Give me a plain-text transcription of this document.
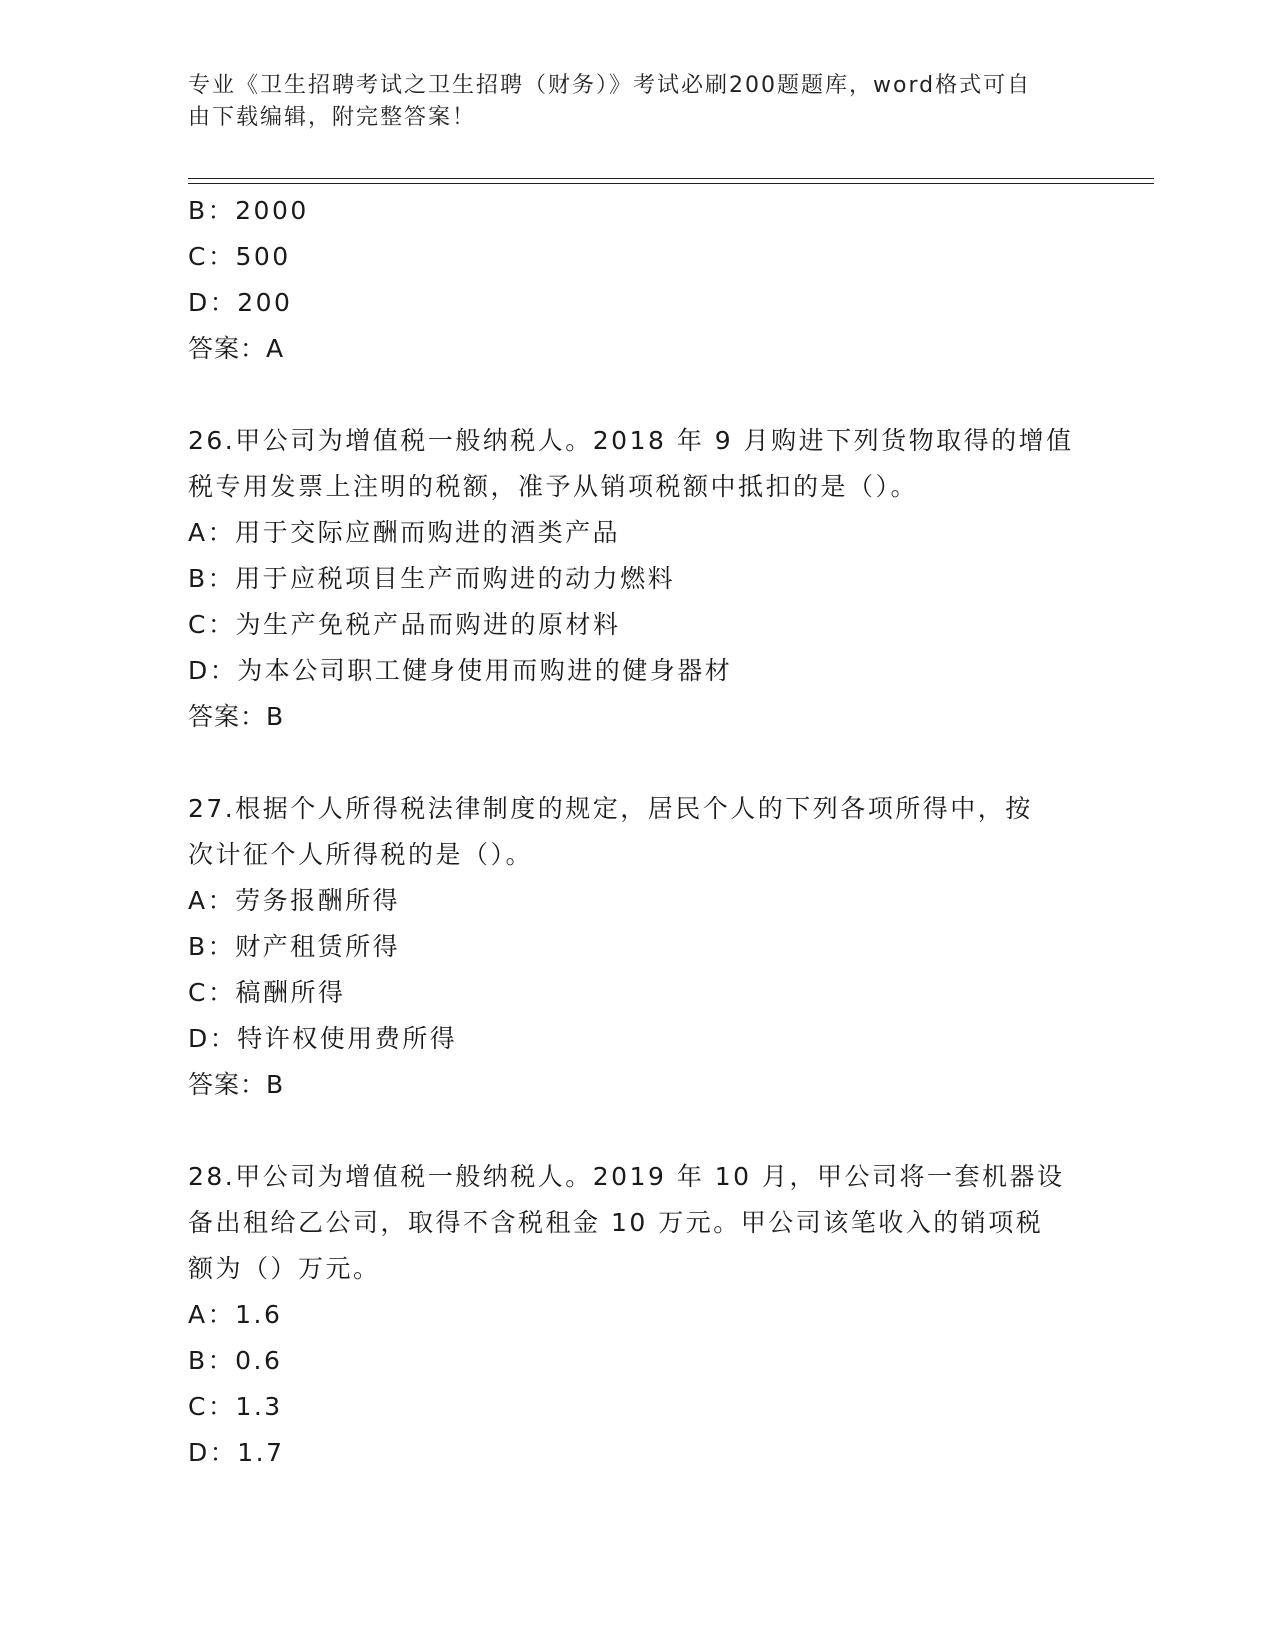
专业《卫生招聘考试之卫生招聘（财务）》考试必刷200题题库，word格式可自
由下载编辑，附完整答案！
B：2000
C：500
D：200
答案：A
26.甲公司为增值税一般纳税人。2018 年 9 月购进下列货物取得的增值
税专用发票上注明的税额，准予从销项税额中抵扣的是（）。
A：用于交际应酬而购进的酒类产品
B：用于应税项目生产而购进的动力燃料
C：为生产免税产品而购进的原材料
D：为本公司职工健身使用而购进的健身器材
答案：B
27.根据个人所得税法律制度的规定，居民个人的下列各项所得中，按
次计征个人所得税的是（）。
A：劳务报酬所得
B：财产租赁所得
C：稿酬所得
D：特许权使用费所得
答案：B
28.甲公司为增值税一般纳税人。2019 年 10 月，甲公司将一套机器设
备出租给乙公司，取得不含税租金 10 万元。甲公司该笔收入的销项税
额为（）万元。
A：1.6
B：0.6
C：1.3
D：1.7
